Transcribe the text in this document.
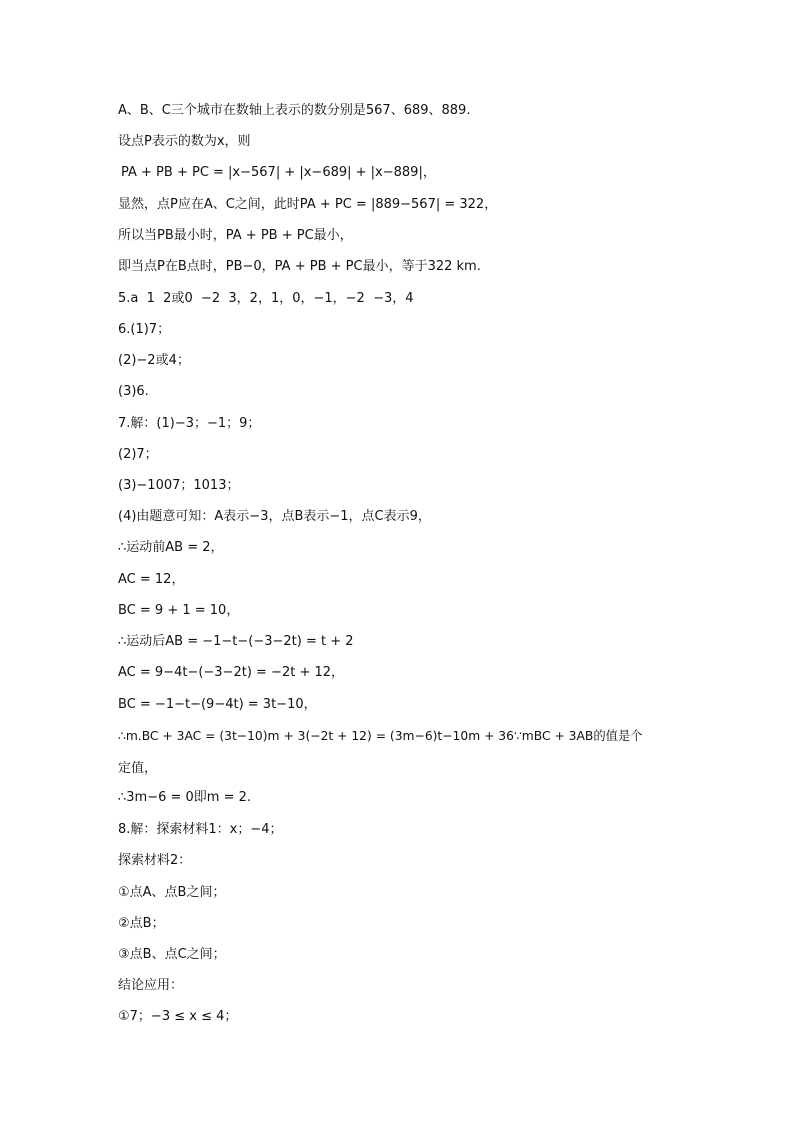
A、B、C三个城市在数轴上表示的数分别是567、689、889.
设点P表示的数为x，则
PA + PB + PC = |x−567| + |x−689| + |x−889|，
显然，点P应在A、C之间，此时PA + PC = |889−567| = 322，
所以当PB最小时，PA + PB + PC最小，
即当点P在B点时，PB−0，PA + PB + PC最小，等于322 km.
5.a  1  2或0  −2  3，2，1，0，−1，−2  −3，4
6.(1)7；
(2)−2或4；
(3)6.
7.解：(1)−3；−1；9；
(2)7；
(3)−1007；1013；
(4)由题意可知：A表示−3，点B表示−1，点C表示9，
∴运动前AB = 2，
AC = 12，
BC = 9 + 1 = 10，
∴运动后AB = −1−t−(−3−2t) = t + 2
AC = 9−4t−(−3−2t) = −2t + 12，
BC = −1−t−(9−4t) = 3t−10，
∴m.BC + 3AC = (3t−10)m + 3(−2t + 12) = (3m−6)t−10m + 36∵mBC + 3AB的值是个
定值，
∴3m−6 = 0即m = 2.
8.解：探索材料1：x；−4；
探索材料2：
①点A、点B之间；
②点B；
③点B、点C之间；
结论应用：
①7；−3 ≤ x ≤ 4；
